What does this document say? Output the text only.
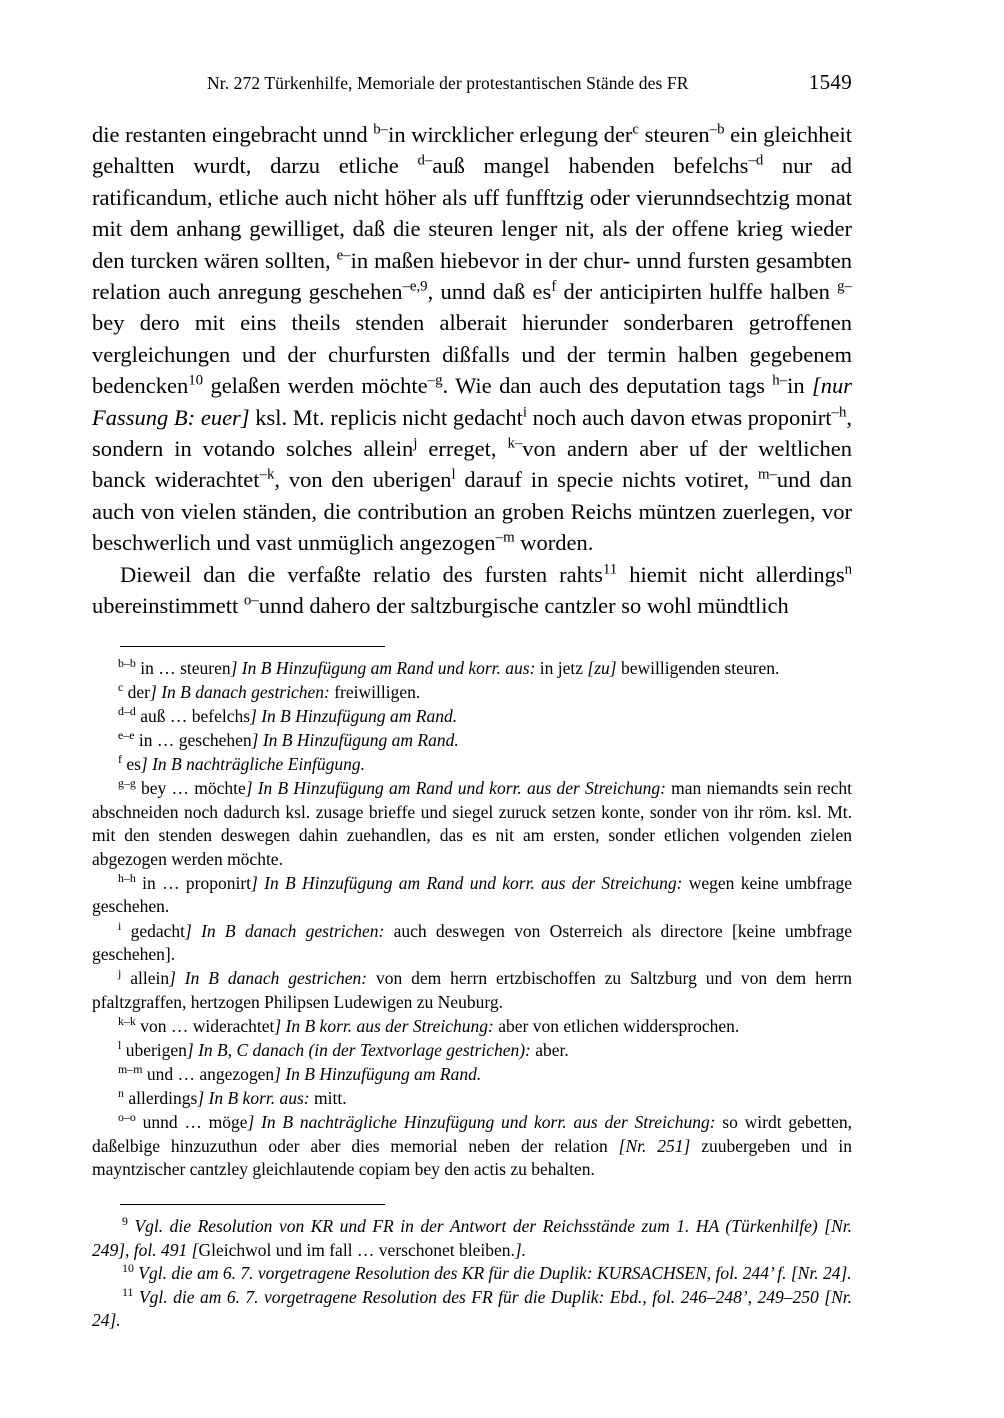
Nr. 272 Türkenhilfe, Memoriale der protestantischen Stände des FR	1549

die restanten eingebracht unnd $^{b-}$in wircklicher erlegung der$^c$ steuren$^{-b}$ ein gleichheit gehaltten wurdt, darzu etliche $^{d-}$auß mangel habenden befelchs$^{-d}$ nur ad ratificandum, etliche auch nicht höher als uff funfftzig oder vierunndsechtzig monat mit dem anhang gewilliget, daß die steuren lenger nit, als der offene krieg wieder den turcken wären sollten, $^{e-}$in maßen hiebevor in der chur- unnd fursten gesambten relation auch anregung geschehen$^{-e,9}$, unnd daß $es^f$ der anticipirten hulffe halben $^{g-}$bey dero mit eins theils stenden alberait hierunder sonderbaren getroffenen vergleichungen und der churfursten dißfalls und der termin halben gegebenem bedencken$^{10}$ gelaßen werden möchte$^{-g}$. Wie dan auch des deputation tags $^{h-}$in [nur Fassung B: euer] ksl. Mt. replicis nicht gedacht$^i$ noch auch davon etwas proponirt$^{-h}$, sondern in votando solches allein$^j$ erreget, $^{k-}$von andern aber uf der weltlichen banck widerachtet$^{-k}$, von den uberigen$^l$ darauf in specie nichts votiret, $^{m-}$und dan auch von vielen ständen, die contribution an groben Reichs müntzen zuerlegen, vor beschwerlich und vast unmüglich angezogen$^{-m}$ worden.

Dieweil dan die verfaßte relatio des fursten rahts$^{11}$ hiemit nicht allerdings$^n$ ubereinstimmett $^{o-}$unnd dahero der saltzburgische cantzler so wohl mündtlich

$^{b-b}$ in … steuren] In B Hinzufügung am Rand und korr. aus: in jetz [zu] bewilligenden steuren.

$^c$ der] In B danach gestrichen: freiwilligen.

$^{d-d}$ auß … befelchs] In B Hinzufügung am Rand.

$^{e-e}$ in … geschehen] In B Hinzufügung am Rand.

$^f$ es] In B nachträgliche Einfügung.

$^{g-g}$ bey … möchte] In B Hinzufügung am Rand und korr. aus der Streichung: man niemandts sein recht abschneiden noch dadurch ksl. zusage brieffe und siegel zuruck setzen konte, sonder von ihr röm. ksl. Mt. mit den stenden deswegen dahin zuehandlen, das es nit am ersten, sonder etlichen volgenden zielen abgezogen werden möchte.

$^{h-h}$ in … proponirt] In B Hinzufügung am Rand und korr. aus der Streichung: wegen keine umbfrage geschehen.

$^i$ gedacht] In B danach gestrichen: auch deswegen von Osterreich als directore [keine umbfrage geschehen].

$^j$ allein] In B danach gestrichen: von dem herrn ertzbischoffen zu Saltzburg und von dem herrn pfaltzgraffen, hertzogen Philipsen Ludewigen zu Neuburg.

$^{k-k}$ von … widerachtet] In B korr. aus der Streichung: aber von etlichen widdersprochen.

$^l$ uberigen] In B, C danach (in der Textvorlage gestrichen): aber.

$^{m-m}$ und … angezogen] In B Hinzufügung am Rand.

$^n$ allerdings] In B korr. aus: mitt.

$^{o-o}$ unnd … möge] In B nachträgliche Hinzufügung und korr. aus der Streichung: so wirdt gebetten, daßelbige hinzuzuthun oder aber dies memorial neben der relation [Nr. 251] zuubergeben und in mayntzischer cantzley gleichlautende copiam bey den actis zu behalten.

$^9$ Vgl. die Resolution von KR und FR in der Antwort der Reichsstände zum 1. HA (Türkenhilfe) [Nr. 249], fol. 491 [Gleichwol und im fall … verschonet bleiben.].

$^{10}$ Vgl. die am 6. 7. vorgetragene Resolution des KR für die Duplik: KURSACHSEN, fol. 244’ f. [Nr. 24].

$^{11}$ Vgl. die am 6. 7. vorgetragene Resolution des FR für die Duplik: Ebd., fol. 246–248’, 249–250 [Nr. 24].
